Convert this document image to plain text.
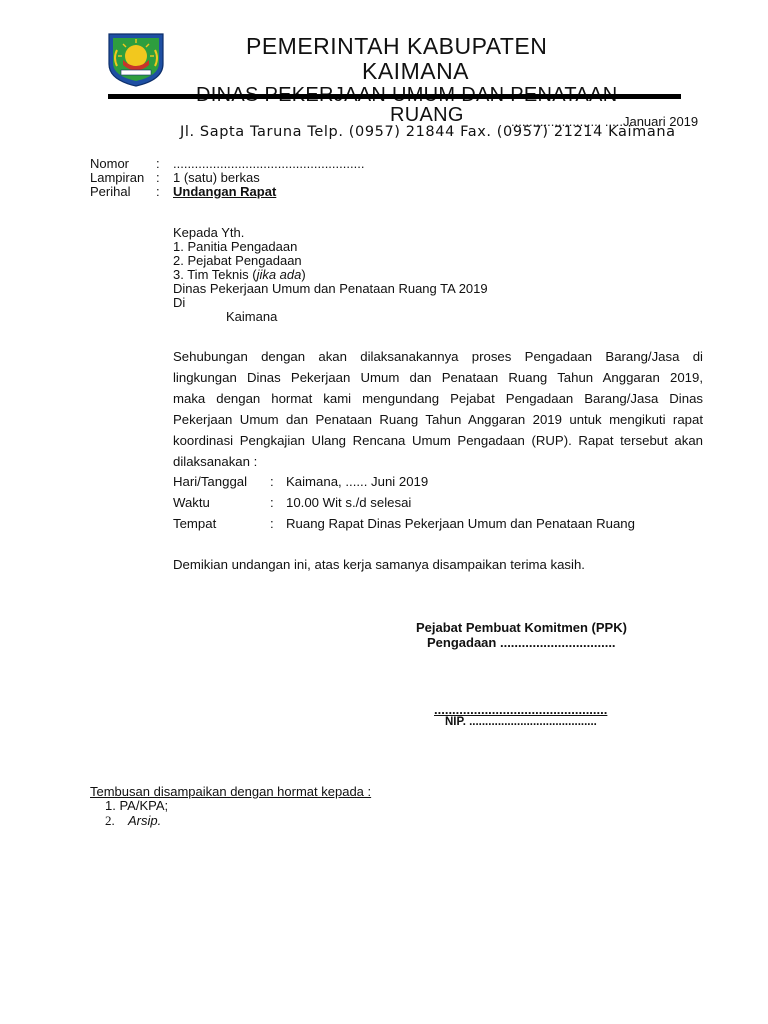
PEMERINTAH KABUPATEN
KAIMANA
RUANG	......................... .....Januari 2019
Jl. Sapta Taruna Telp. (0957) 21844 Fax. (0957) 21214 Kaimana
Nomor : .....................................................
Lampiran : 1 (satu) berkas
Perihal : Undangan Rapat
Kepada Yth.
1. Panitia Pengadaan
2. Pejabat Pengadaan
3. Tim Teknis (jika ada)
Dinas Pekerjaan Umum dan Penataan Ruang TA 2019
Di
Kaimana
Sehubungan dengan akan dilaksanakannya proses Pengadaan Barang/Jasa di
lingkungan Dinas Pekerjaan Umum dan Penataan Ruang Tahun Anggaran 2019,
maka dengan hormat kami mengundang Pejabat Pengadaan Barang/Jasa Dinas
Pekerjaan Umum dan Penataan Ruang Tahun Anggaran 2019 untuk mengikuti rapat
koordinasi Pengkajian Ulang Rencana Umum Pengadaan (RUP). Rapat tersebut akan
dilaksanakan :
Hari/Tanggal : Kaimana, ...... Juni 2019
Waktu	: 10.00 Wit s./d selesai
Tempat	: Ruang Rapat Dinas Pekerjaan Umum dan Penataan Ruang
Demikian undangan ini, atas kerja samanya disampaikan terima kasih.
Pejabat Pembuat Komitmen (PPK)
Pengadaan ................................
................................................
NIP. ........................................
Tembusan disampaikan dengan hormat kepada :
1. PA/KPA;
2. Arsip.
